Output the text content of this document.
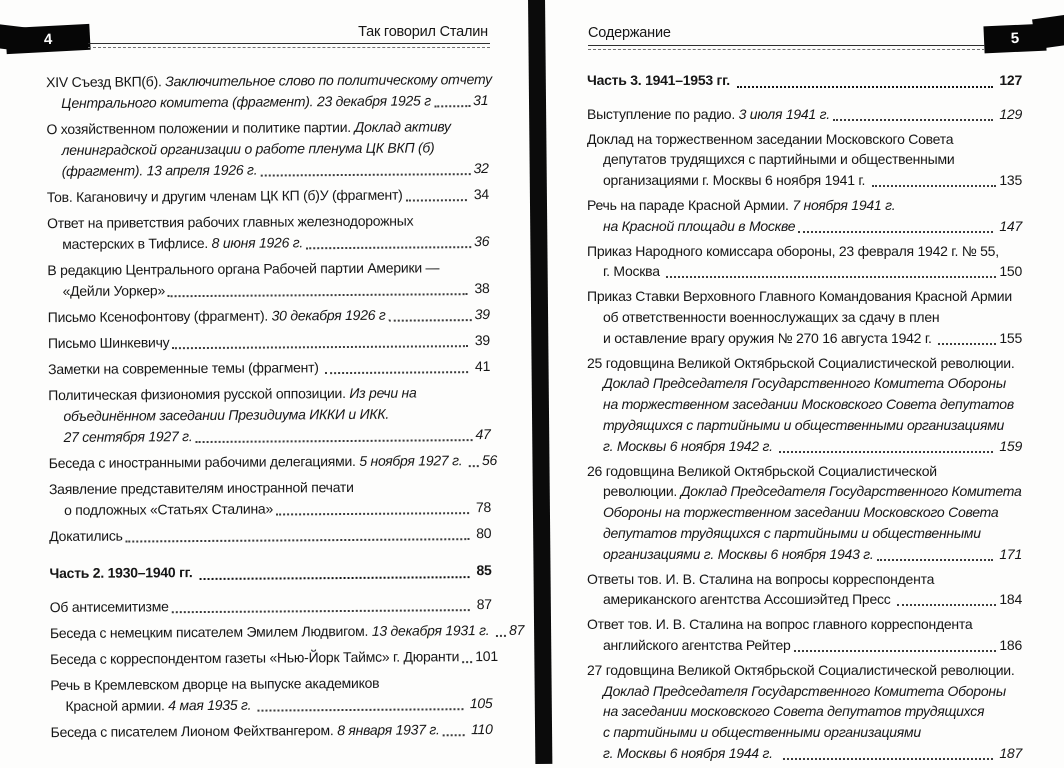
4	5
Так говорил Сталин	Содержание
XIV Съезд ВКП(б). Заключительное слово по политическому отчету
Центрального комитета (фрагмент). 23 декабря 1925 г	31
О хозяйственном положении и политике партии. Доклад активу
ленинградской организации о работе пленума ЦК ВКП (б)
(фрагмент). 13 апреля 1926 г.	32
Тов. Кагановичу и другим членам ЦК КП (б)У (фрагмент)	34
Ответ на приветствия рабочих главных железнодорожных
мастерских в Тифлисе. 8 июня 1926 г.	36
В редакцию Центрального органа Рабочей партии Америки —
«Дейли Уоркер»	38
Письмо Ксенофонтову (фрагмент). 30 декабря 1926 г	39
Письмо Шинкевичу	39
Заметки на современные темы (фрагмент)	41
Политическая физиономия русской оппозиции. Из речи на
объединённом заседании Президиума ИККИ и ИКК.
27 сентября 1927 г.	47
Беседа с иностранными рабочими делегациями. 5 ноября 1927 г. 56
Заявление представителям иностранной печати
о подложных «Статьях Сталина»	78
Докатились	80
Часть 2. 1930–1940 гг.	85
Об антисемитизме	87
Беседа с немецким писателем Эмилем Людвигом. 13 декабря 1931 г. 87
Беседа с корреспондентом газеты «Нью-Йорк Таймс» г. Дюранти 101
Речь в Кремлевском дворце на выпуске академиков
Красной армии. 4 мая 1935 г.	105
Беседа с писателем Лионом Фейхтвангером. 8 января 1937 г. 110
Часть 3. 1941–1953 гг.	127
Выступление по радио. 3 июля 1941 г.	129
Доклад на торжественном заседании Московского Совета
депутатов трудящихся с партийными и общественными
организациями г. Москвы 6 ноября 1941 г.	135
Речь на параде Красной Армии. 7 ноября 1941 г.
на Красной площади в Москве	147
Приказ Народного комиссара обороны, 23 февраля 1942 г. № 55,
г. Москва	150
Приказ Ставки Верховного Главного Командования Красной Армии
об ответственности военнослужащих за сдачу в плен
и оставление врагу оружия № 270 16 августа 1942 г.	155
25 годовщина Великой Октябрьской Социалистической революции.
Доклад Председателя Государственного Комитета Обороны
на торжественном заседании Московского Совета депутатов
трудящихся с партийными и общественными организациями
г. Москвы 6 ноября 1942 г.	159
26 годовщина Великой Октябрьской Социалистической
революции. Доклад Председателя Государственного Комитета
Обороны на торжественном заседании Московского Совета
депутатов трудящихся с партийными и общественными
организациями г. Москвы 6 ноября 1943 г.	171
Ответы тов. И. В. Сталина на вопросы корреспондента
американского агентства Ассошиэйтед Пресс	184
Ответ тов. И. В. Сталина на вопрос главного корреспондента
английского агентства Рейтер	186
27 годовщина Великой Октябрьской Социалистической революции.
Доклад Председателя Государственного Комитета Обороны
на заседании московского Совета депутатов трудящихся
с партийными и общественными организациями
г. Москвы 6 ноября 1944 г.	187
